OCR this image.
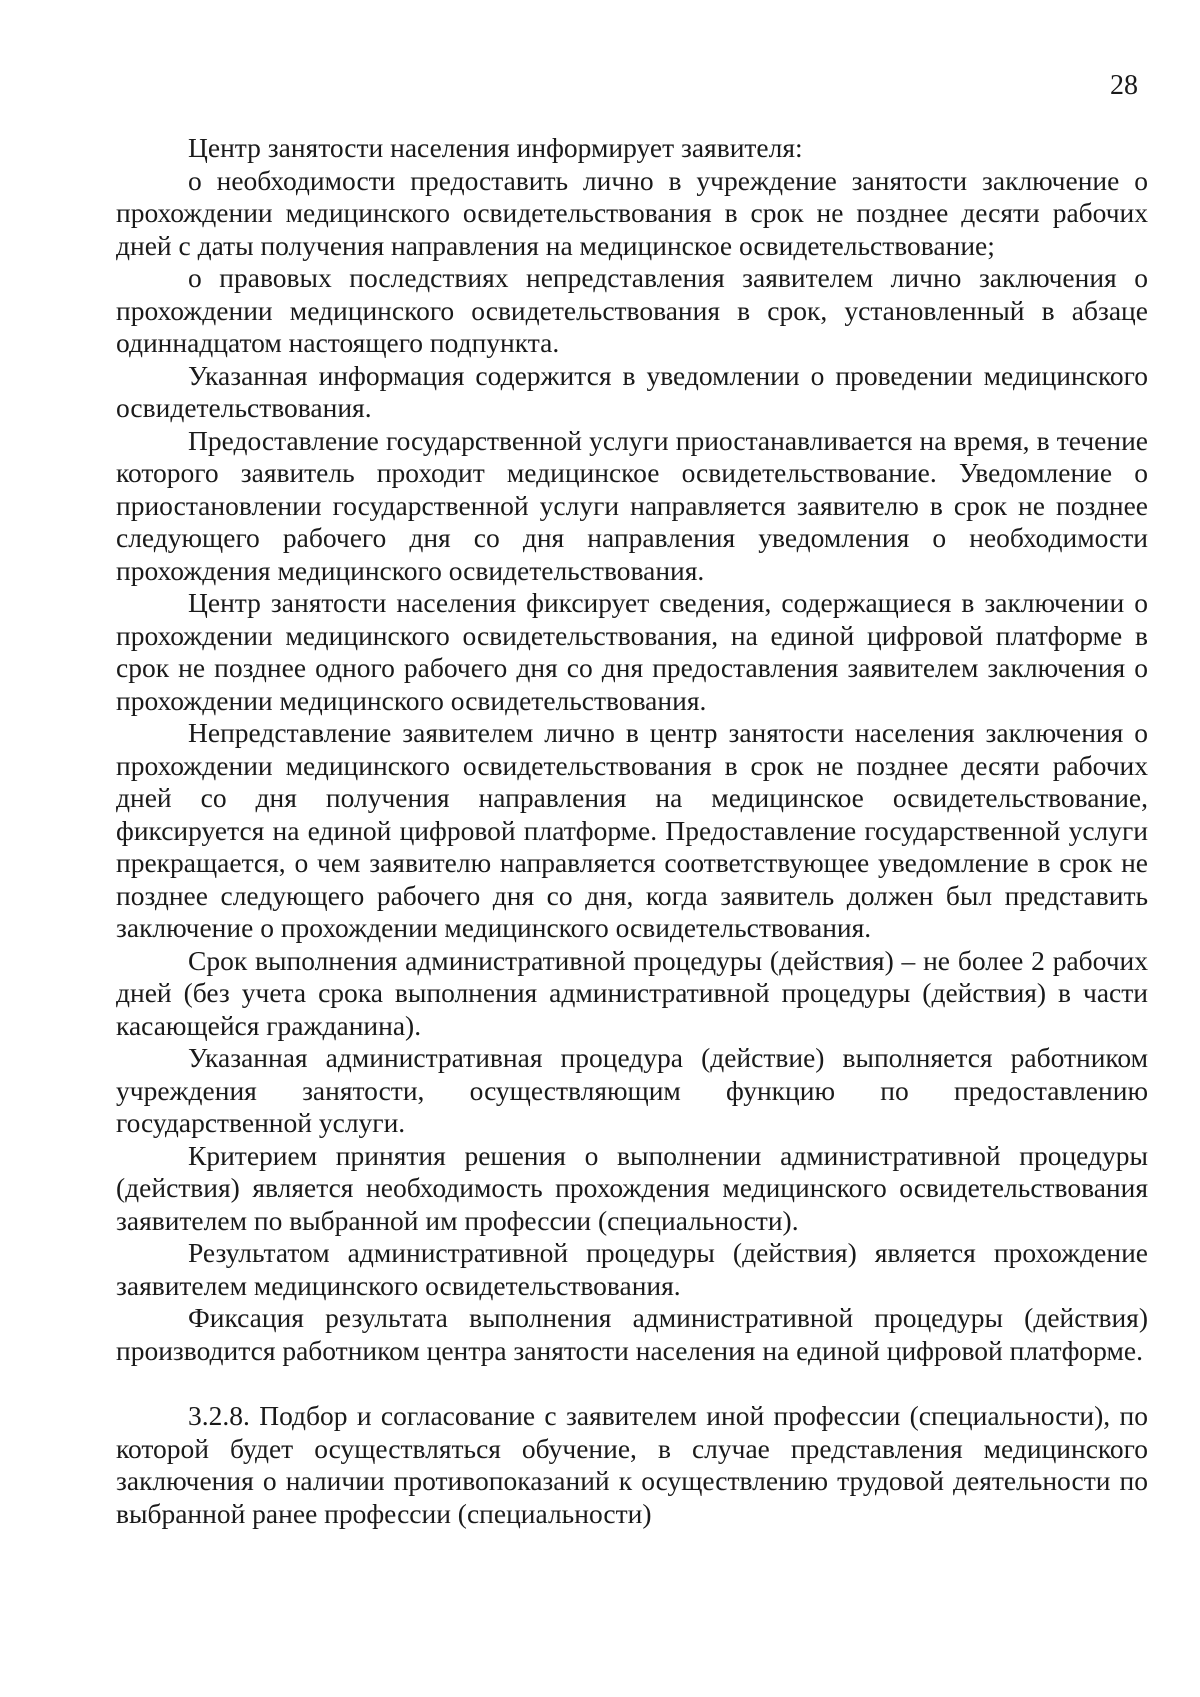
28

Центр занятости населения информирует заявителя:

о необходимости предоставить лично в учреждение занятости заключение о прохождении медицинского освидетельствования в срок не позднее десяти рабочих дней с даты получения направления на медицинское освидетельствование;

о правовых последствиях непредставления заявителем лично заключения о прохождении медицинского освидетельствования в срок, установленный в абзаце одиннадцатом настоящего подпункта.

Указанная информация содержится в уведомлении о проведении медицинского освидетельствования.

Предоставление государственной услуги приостанавливается на время, в течение которого заявитель проходит медицинское освидетельствование. Уведомление о приостановлении государственной услуги направляется заявителю в срок не позднее следующего рабочего дня со дня направления уведомления о необходимости прохождения медицинского освидетельствования.

Центр занятости населения фиксирует сведения, содержащиеся в заключении о прохождении медицинского освидетельствования, на единой цифровой платформе в срок не позднее одного рабочего дня со дня предоставления заявителем заключения о прохождении медицинского освидетельствования.

Непредставление заявителем лично в центр занятости населения заключения о прохождении медицинского освидетельствования в срок не позднее десяти рабочих дней со дня получения направления на медицинское освидетельствование, фиксируется на единой цифровой платформе. Предоставление государственной услуги прекращается, о чем заявителю направляется соответствующее уведомление в срок не позднее следующего рабочего дня со дня, когда заявитель должен был представить заключение о прохождении медицинского освидетельствования.

Срок выполнения административной процедуры (действия) – не более 2 рабочих дней (без учета срока выполнения административной процедуры (действия) в части касающейся гражданина).

Указанная административная процедура (действие) выполняется работником учреждения занятости, осуществляющим функцию по предоставлению государственной услуги.

Критерием принятия решения о выполнении административной процедуры (действия) является необходимость прохождения медицинского освидетельствования заявителем по выбранной им профессии (специальности).

Результатом административной процедуры (действия) является прохождение заявителем медицинского освидетельствования.

Фиксация результата выполнения административной процедуры (действия) производится работником центра занятости населения на единой цифровой платформе.

3.2.8. Подбор и согласование с заявителем иной профессии (специальности), по которой будет осуществляться обучение, в случае представления медицинского заключения о наличии противопоказаний к осуществлению трудовой деятельности по выбранной ранее профессии (специальности)
